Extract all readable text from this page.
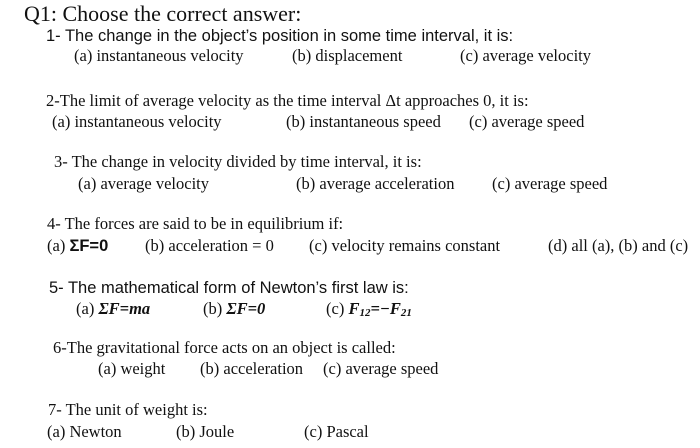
Q1: Choose the correct answer:
1- The change in the object’s position in some time interval, it is:
(a) instantaneous velocity	(b) displacement	(c) average velocity
2-The limit of average velocity as the time interval Δt approaches 0, it is:
(a) instantaneous velocity	(b) instantaneous speed (c) average speed
3- The change in velocity divided by time interval, it is:
(a) average velocity	(b) average acceleration (c) average speed
4- The forces are said to be in equilibrium if:
(a) ΣF=0 (b) acceleration = 0 (c) velocity remains constant	(d) all (a), (b) and (c)
5- The mathematical form of Newton’s first law is:
(a) ΣF=ma	(b) ΣF=0	(c) $F_{12}=-F_{21}$
6-The gravitational force acts on an object is called:
(a) weight (b) acceleration (c) average speed
7- The unit of weight is:
(a) Newton	(b) Joule	(c) Pascal
